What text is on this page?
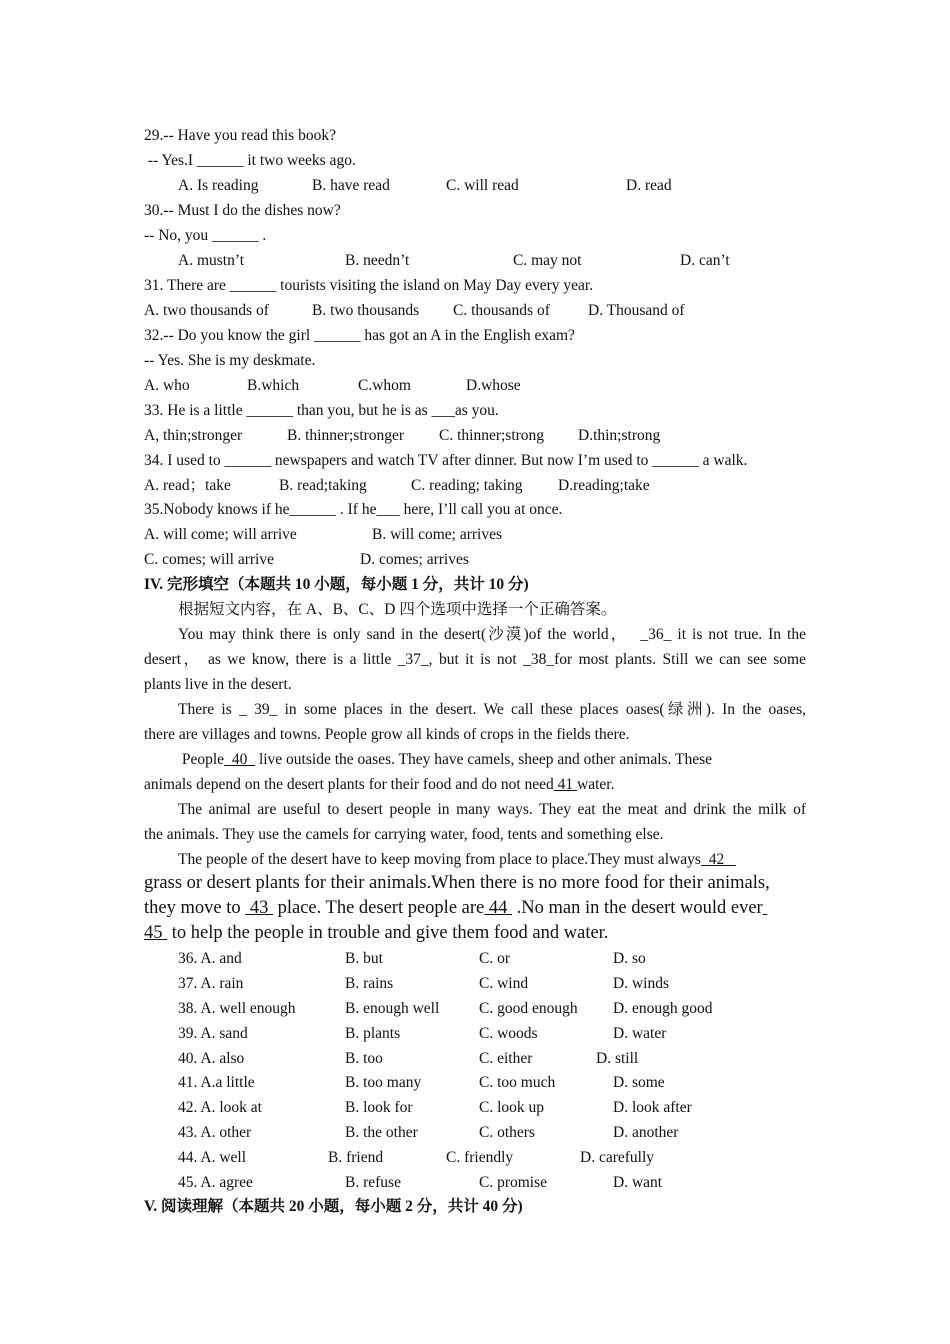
29.-- Have you read this book?
-- Yes.I ______ it two weeks ago.
A. Is reading	B. have read	C. will read	D. read
30.-- Must I do the dishes now?
-- No, you ______ .
A. mustn’t	B. needn’t	C. may not	D. can’t
31. There are ______ tourists visiting the island on May Day every year.
A. two thousands of	B. two thousands C. thousands of D. Thousand of
32.-- Do you know the girl ______ has got an A in the English exam?
-- Yes. She is my deskmate.
A. who	B.which	C.whom	D.whose
33. He is a little ______ than you, but he is as ___as you.
A, thin;stronger	B. thinner;stronger C. thinner;strong D.thin;strong
34. I used to ______ newspapers and watch TV after dinner. But now I’m used to ______ a walk.
A. read；take	B. read;taking	C. reading; taking D.reading;take
35.Nobody knows if he______ . If he___ here, I’ll call you at once.
A. will come; will arrive	B. will come; arrives
C. comes; will arrive	D. comes; arrives
IV. 完形填空（本题共 10 小题，每小题 1 分，共计 10 分)
根据短文内容，在 A、B、C、D 四个选项中选择一个正确答案。
You may think there is only sand in the desert(沙漠)of the world，  _36_ it is not true. In the
desert， as we know, there is a little _37_, but it is not _38_for most plants. Still we can see some
plants live in the desert.
There is _ 39_ in some places in the desert. We call these places oases(绿洲). In the oases,
there are villages and towns. People grow all kinds of crops in the fields there.
People  40   live outside the oases. They have camels, sheep and other animals. These
animals depend on the desert plants for their food and do not need 41 water.
The animal are useful to desert people in many ways. They eat the meat and drink the milk of
the animals. They use the camels for carrying water, food, tents and something else.
The people of the desert have to keep moving from place to place.They must always  42
grass or desert plants for their animals.When there is no more food for their animals,
they move to  43  place. The desert people are 44  .No man in the desert would ever
45  to help the people in trouble and give them food and water.
36. A. and	B. but	C. or	D. so
37. A. rain	B. rains	C. wind	D. winds
38. A. well enough	B. enough well	C. good enough D. enough good
39. A. sand	B. plants	C. woods	D. water
40. A. also	B. too	C. either	D. still
41. A.a little	B. too many	C. too much	D. some
42. A. look at	B. look for	C. look up	D. look after
43. A. other	B. the other	C. others	D. another
44. A. well	B. friend	C. friendly	D. carefully
45. A. agree	B. refuse	C. promise	D. want
V. 阅读理解（本题共 20 小题，每小题 2 分，共计 40 分)
